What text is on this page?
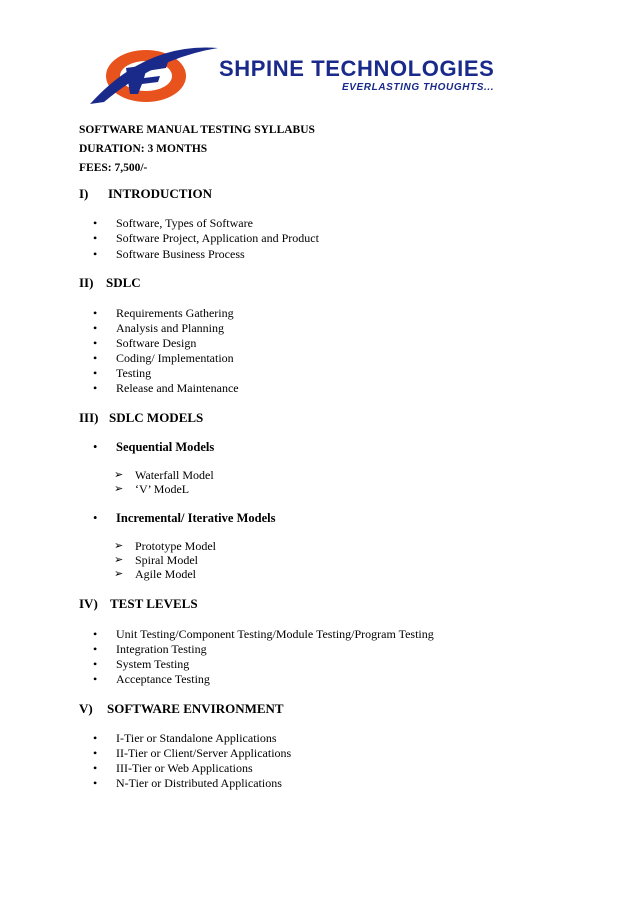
SHPINE TECHNOLOGIES
EVERLASTING THOUGHTS...
SOFTWARE MANUAL TESTING SYLLABUS
DURATION: 3 MONTHS
FEES: 7,500/-
I) INTRODUCTION
• Software, Types of Software
• Software Project, Application and Product
• Software Business Process
II) SDLC
• Requirements Gathering
• Analysis and Planning
• Software Design
• Coding/ Implementation
• Testing
• Release and Maintenance
III) SDLC MODELS
• Sequential Models
➢ Waterfall Model
➢ ‘V’ ModeL
• Incremental/ Iterative Models
➢ Prototype Model
➢ Spiral Model
➢ Agile Model
IV) TEST LEVELS
• Unit Testing/Component Testing/Module Testing/Program Testing
• Integration Testing
• System Testing
• Acceptance Testing
V) SOFTWARE ENVIRONMENT
• I-Tier or Standalone Applications
• II-Tier or Client/Server Applications
• III-Tier or Web Applications
• N-Tier or Distributed Applications
